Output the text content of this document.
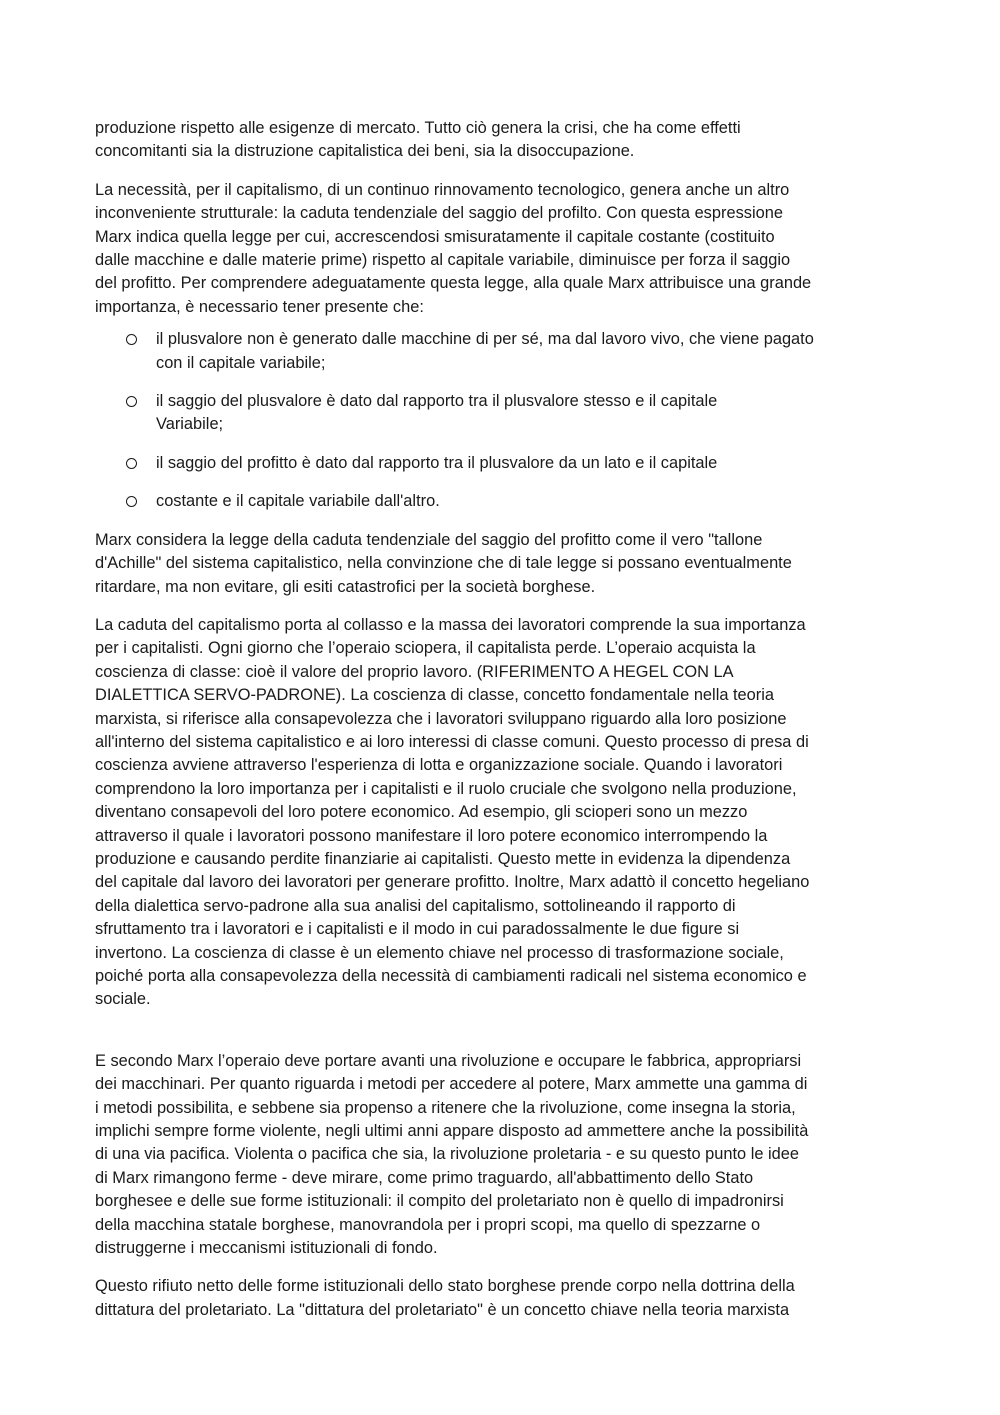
produzione rispetto alle esigenze di mercato. Tutto ciò genera la crisi, che ha come effetti
concomitanti sia la distruzione capitalistica dei beni, sia la disoccupazione.

La necessità, per il capitalismo, di un continuo rinnovamento tecnologico, genera anche un altro
inconveniente strutturale: la caduta tendenziale del saggio del profilto. Con questa espressione
Marx indica quella legge per cui, accrescendosi smisuratamente il capitale costante (costituito
dalle macchine e dalle materie prime) rispetto al capitale variabile, diminuisce per forza il saggio
del profitto. Per comprendere adeguatamente questa legge, alla quale Marx attribuisce una grande
importanza, è necessario tener presente che:

il plusvalore non è generato dalle macchine di per sé, ma dal lavoro vivo, che viene pagato
con il capitale variabile;
il saggio del plusvalore è dato dal rapporto tra il plusvalore stesso e il capitale
Variabile;
il saggio del profitto è dato dal rapporto tra il plusvalore da un lato e il capitale
costante e il capitale variabile dall'altro.

Marx considera la legge della caduta tendenziale del saggio del profitto come il vero "tallone
d'Achille" del sistema capitalistico, nella convinzione che di tale legge si possano eventualmente
ritardare, ma non evitare, gli esiti catastrofici per la società borghese.

La caduta del capitalismo porta al collasso e la massa dei lavoratori comprende la sua importanza
per i capitalisti. Ogni giorno che l’operaio sciopera, il capitalista perde. L’operaio acquista la
coscienza di classe: cioè il valore del proprio lavoro. (RIFERIMENTO A HEGEL CON LA
DIALETTICA SERVO-PADRONE). La coscienza di classe, concetto fondamentale nella teoria
marxista, si riferisce alla consapevolezza che i lavoratori sviluppano riguardo alla loro posizione
all'interno del sistema capitalistico e ai loro interessi di classe comuni. Questo processo di presa di
coscienza avviene attraverso l'esperienza di lotta e organizzazione sociale. Quando i lavoratori
comprendono la loro importanza per i capitalisti e il ruolo cruciale che svolgono nella produzione,
diventano consapevoli del loro potere economico. Ad esempio, gli scioperi sono un mezzo
attraverso il quale i lavoratori possono manifestare il loro potere economico interrompendo la
produzione e causando perdite finanziarie ai capitalisti. Questo mette in evidenza la dipendenza
del capitale dal lavoro dei lavoratori per generare profitto. Inoltre, Marx adattò il concetto hegeliano
della dialettica servo-padrone alla sua analisi del capitalismo, sottolineando il rapporto di
sfruttamento tra i lavoratori e i capitalisti e il modo in cui paradossalmente le due figure si
invertono. La coscienza di classe è un elemento chiave nel processo di trasformazione sociale,
poiché porta alla consapevolezza della necessità di cambiamenti radicali nel sistema economico e
sociale.

E secondo Marx l’operaio deve portare avanti una rivoluzione e occupare le fabbrica, appropriarsi
dei macchinari. Per quanto riguarda i metodi per accedere al potere, Marx ammette una gamma di
i metodi possibilita, e sebbene sia propenso a ritenere che la rivoluzione, come insegna la storia,
implichi sempre forme violente, negli ultimi anni appare disposto ad ammettere anche la possibilità
di una via pacifica. Violenta o pacifica che sia, la rivoluzione proletaria - e su questo punto le idee
di Marx rimangono ferme - deve mirare, come primo traguardo, all'abbattimento dello Stato
borghesee e delle sue forme istituzionali: il compito del proletariato non è quello di impadronirsi
della macchina statale borghese, manovrandola per i propri scopi, ma quello di spezzarne o
distruggerne i meccanismi istituzionali di fondo.

Questo rifiuto netto delle forme istituzionali dello stato borghese prende corpo nella dottrina della
dittatura del proletariato. La "dittatura del proletariato" è un concetto chiave nella teoria marxista
